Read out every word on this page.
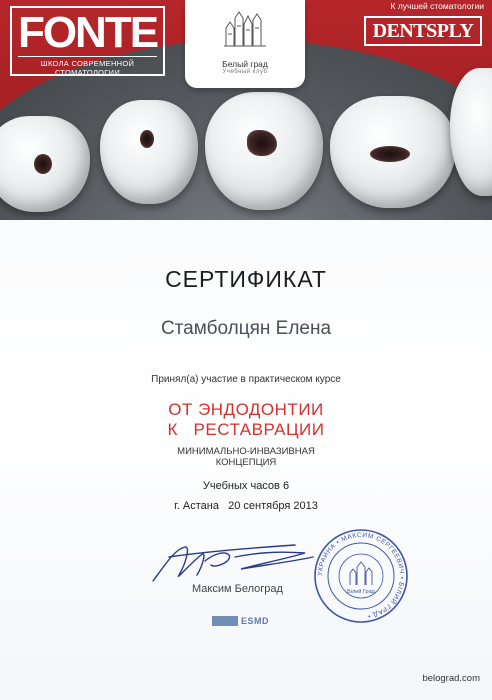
FONTE
ШКОЛА СОВРЕМЕННОЙ СТОМАТОЛОГИИ
Белый град
Учебный клуб
К лучшей стоматологии
DENTSPLY
СЕРТИФИКАТ
Стамболцян Елена
Принял(а) участие в практическом курсе
ОТ ЭНДОДОНТИИ
К   РЕСТАВРАЦИИ
МИНИМАЛЬНО-ИНВАЗИВНАЯ
КОНЦЕПЦИЯ
Учебных часов 6
г. Астана   20 сентября 2013
Максим Белоград
УКРАИНА • МАКСИМ СЕРГЕЕВИЧ • БІЛИЙ ГРАД •
Білий Град
ESMD
belograd.com
